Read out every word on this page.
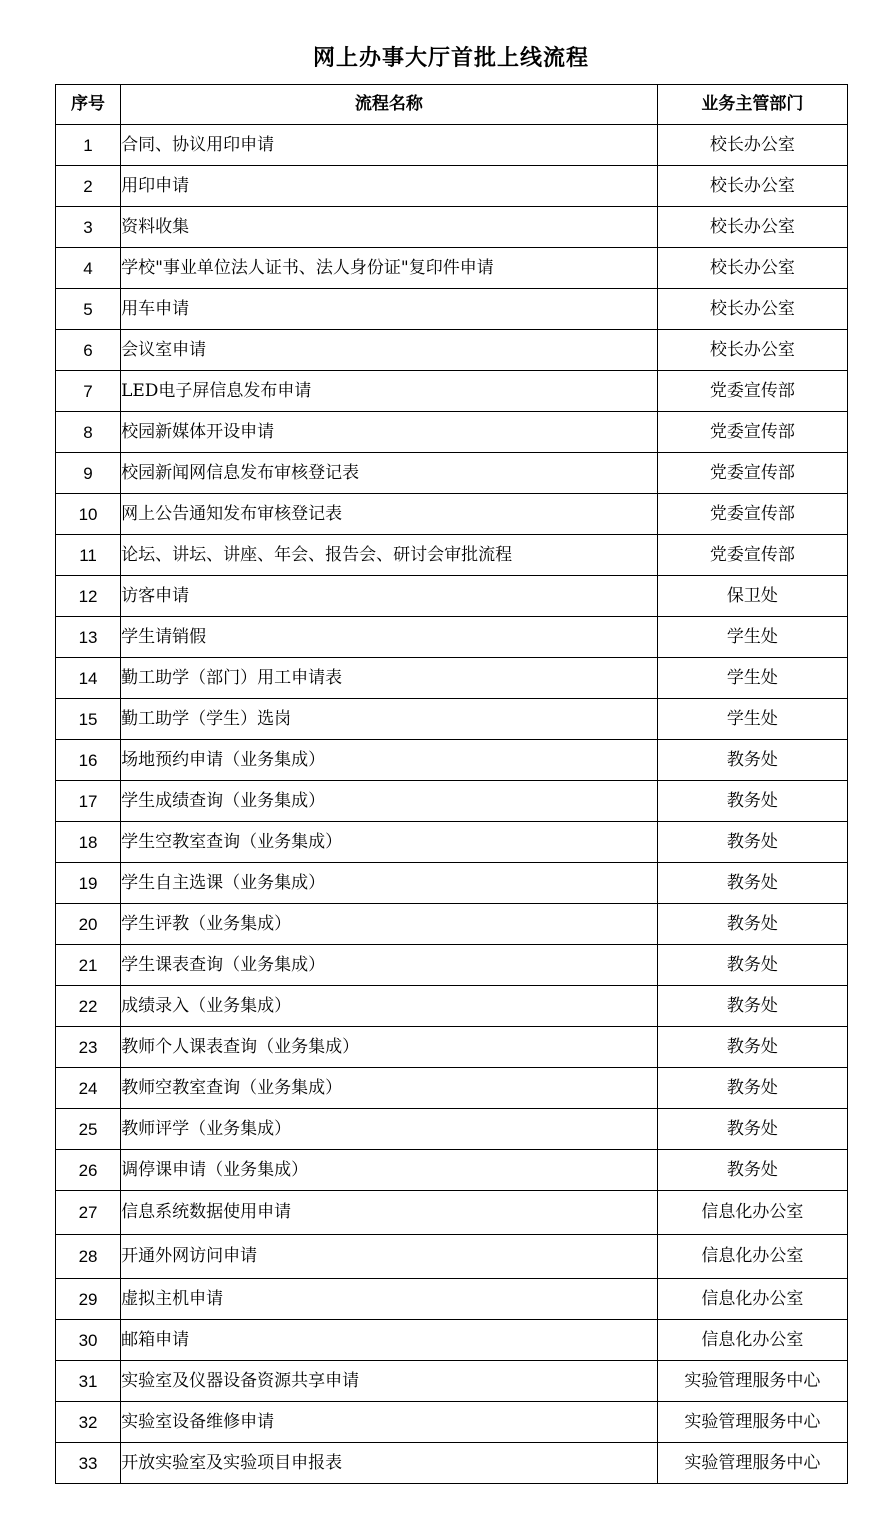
网上办事大厅首批上线流程
序号	流程名称	业务主管部门
1	合同、协议用印申请	校长办公室
2	用印申请	校长办公室
3	资料收集	校长办公室
4	学校"事业单位法人证书、法人身份证"复印件申请	校长办公室
5	用车申请	校长办公室
6	会议室申请	校长办公室
7	LED电子屏信息发布申请	党委宣传部
8	校园新媒体开设申请	党委宣传部
9	校园新闻网信息发布审核登记表	党委宣传部
10	网上公告通知发布审核登记表	党委宣传部
11	论坛、讲坛、讲座、年会、报告会、研讨会审批流程	党委宣传部
12	访客申请	保卫处
13	学生请销假	学生处
14	勤工助学（部门）用工申请表	学生处
15	勤工助学（学生）选岗	学生处
16	场地预约申请（业务集成）	教务处
17	学生成绩查询（业务集成）	教务处
18	学生空教室查询（业务集成）	教务处
19	学生自主选课（业务集成）	教务处
20	学生评教（业务集成）	教务处
21	学生课表查询（业务集成）	教务处
22	成绩录入（业务集成）	教务处
23	教师个人课表查询（业务集成）	教务处
24	教师空教室查询（业务集成）	教务处
25	教师评学（业务集成）	教务处
26	调停课申请（业务集成）	教务处
27	信息系统数据使用申请	信息化办公室
28	开通外网访问申请	信息化办公室
29	虚拟主机申请	信息化办公室
30	邮箱申请	信息化办公室
31	实验室及仪器设备资源共享申请	实验管理服务中心
32	实验室设备维修申请	实验管理服务中心
33	开放实验室及实验项目申报表	实验管理服务中心
